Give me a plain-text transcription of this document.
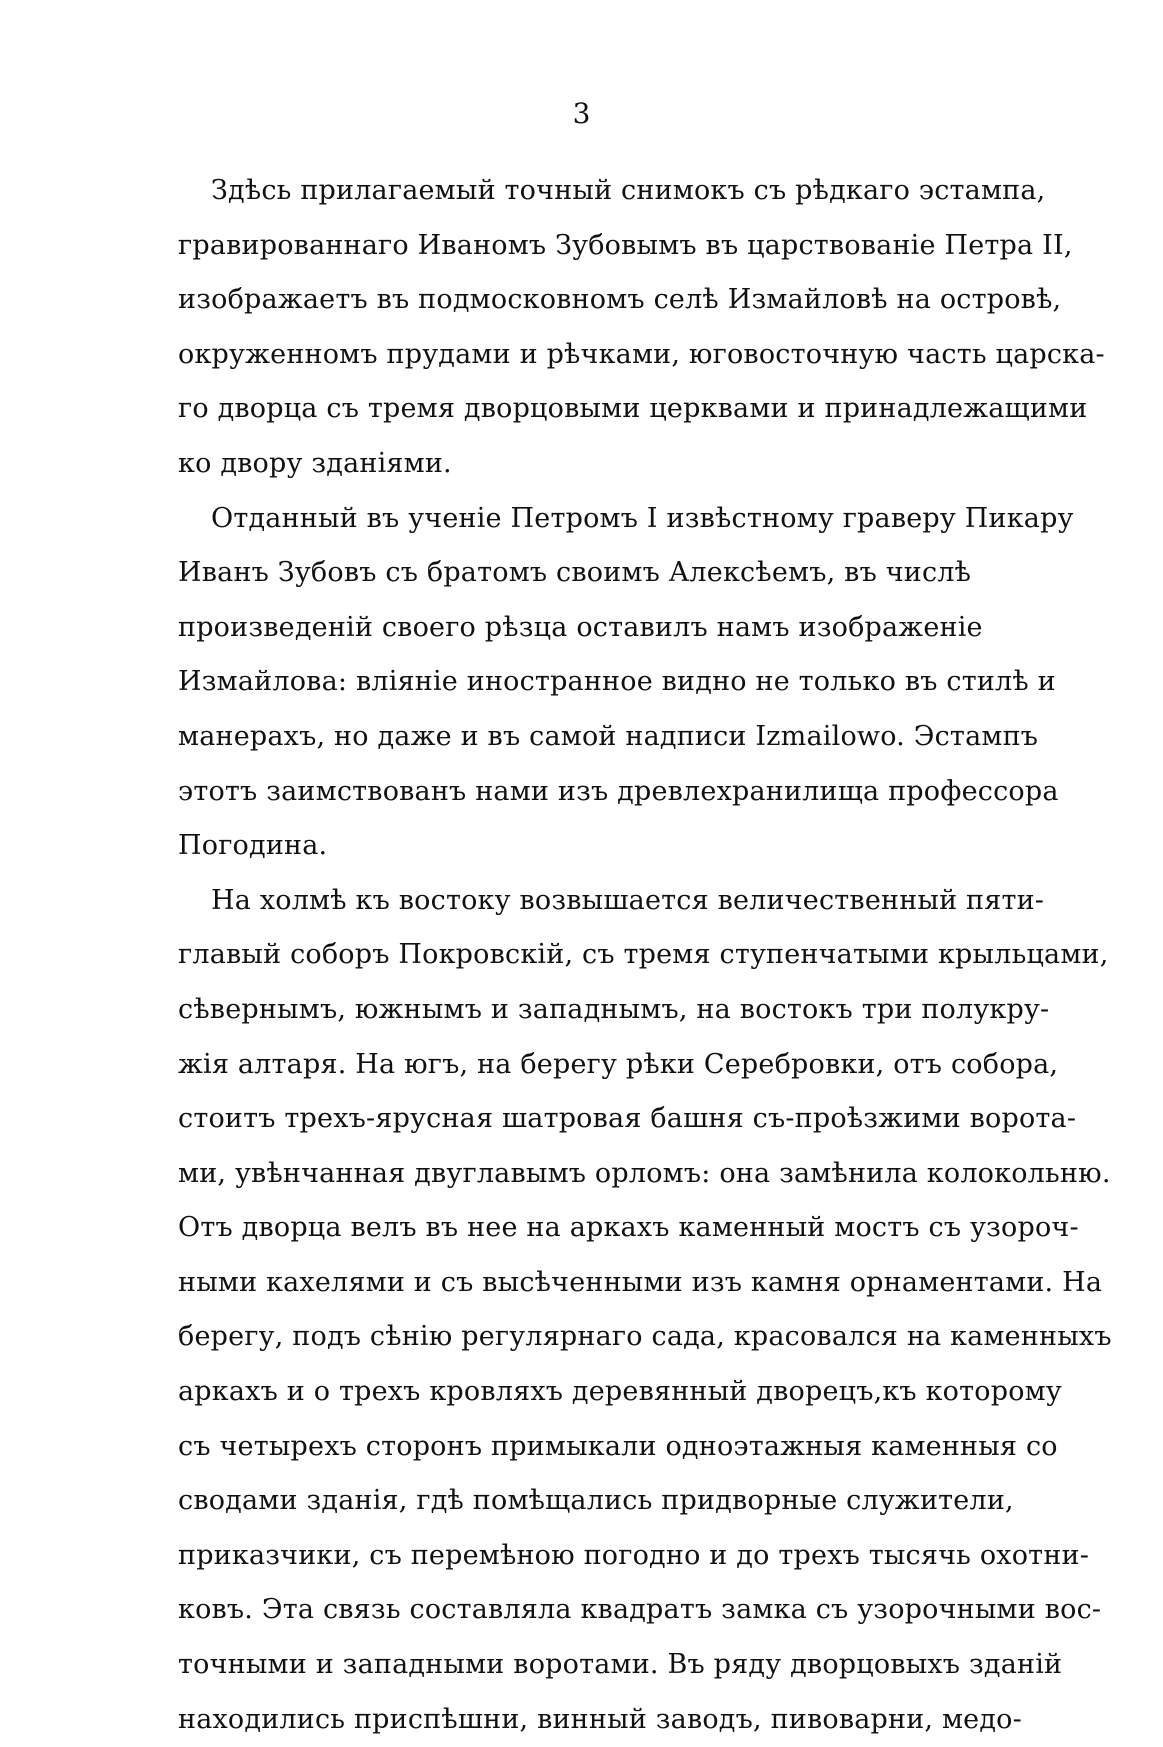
3
Здѣсь прилагаемый точный снимокъ съ рѣдкаго эстампа,
гравированнаго Иваномъ Зубовымъ въ царствованіе Петра II,
изображаетъ въ подмосковномъ селѣ Измайловѣ на островѣ,
окруженномъ прудами и рѣчками, юговосточную часть царска-
го дворца съ тремя дворцовыми церквами и принадлежащими
ко двору зданіями.
Отданный въ ученіе Петромъ I извѣстному граверу Пикару
Иванъ Зубовъ съ братомъ своимъ Алексѣемъ, въ числѣ
произведеній своего рѣзца оставилъ намъ изображеніе
Измайлова: вліяніе иностранное видно не только въ стилѣ и
манерахъ, но даже и въ самой надписи Izmailowo. Эстампъ
этотъ заимствованъ нами изъ древлехранилища профессора
Погодина.
На холмѣ къ востоку возвышается величественный пяти-
главый соборъ Покровскій, съ тремя ступенчатыми крыльцами,
сѣвернымъ, южнымъ и западнымъ, на востокъ три полукру-
жія алтаря. На югъ, на берегу рѣки Серебровки, отъ собора,
стоитъ трехъ-ярусная шатровая башня съ-проѣзжими ворота-
ми, увѣнчанная двуглавымъ орломъ: она замѣнила колокольню.
Отъ дворца велъ въ нее на аркахъ каменный мостъ съ узороч-
ными кахелями и съ высѣченными изъ камня орнаментами. На
берегу, подъ сѣнію регулярнаго сада, красовался на каменныхъ
аркахъ и о трехъ кровляхъ деревянный дворецъ,къ которому
съ четырехъ сторонъ примыкали одноэтажныя каменныя со
сводами зданія, гдѣ помѣщались придворные служители,
приказчики, съ перемѣною погодно и до трехъ тысячь охотни-
ковъ. Эта связь составляла квадратъ замка съ узорочными вос-
точными и западными воротами. Въ ряду дворцовыхъ зданій
находились приспѣшни, винный заводъ, пивоварни, медо-
